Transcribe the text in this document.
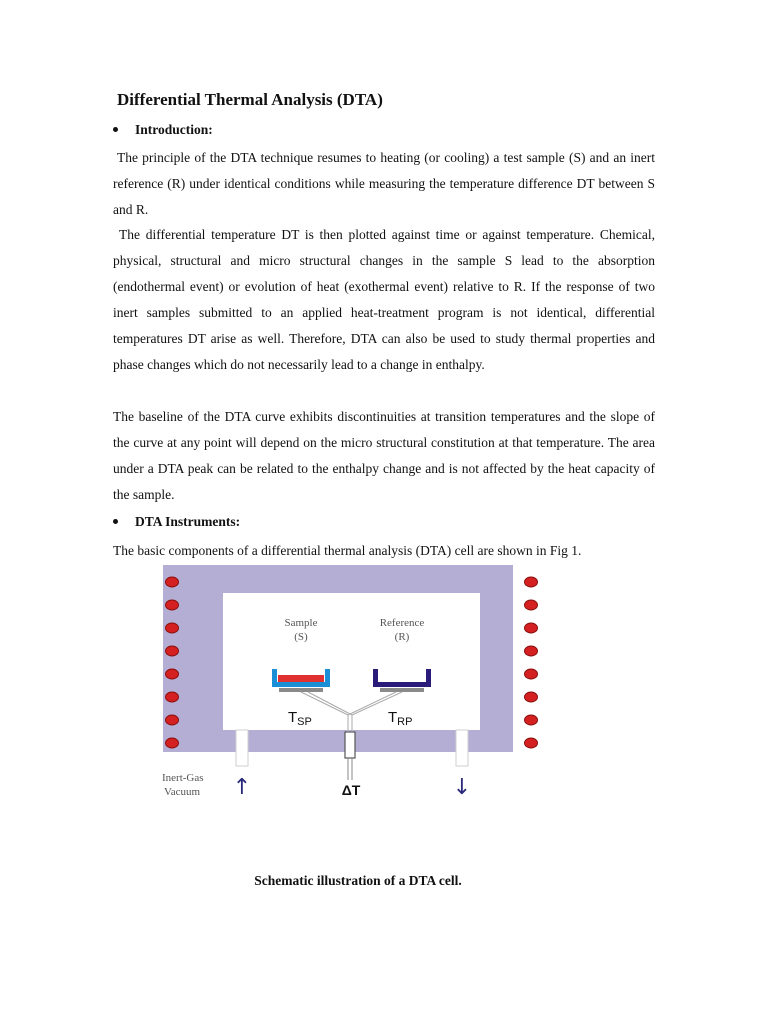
Differential Thermal Analysis (DTA)
Introduction:

The principle of the DTA technique resumes to heating (or cooling) a test sample (S) and an inert reference (R) under identical conditions while measuring the temperature difference DT between S and R.

The differential temperature DT is then plotted against time or against temperature. Chemical, physical, structural and micro structural changes in the sample S lead to the absorption (endothermal event) or evolution of heat (exothermal event) relative to R. If the response of two inert samples submitted to an applied heat-treatment program is not identical, differential temperatures DT arise as well. Therefore, DTA can also be used to study thermal properties and phase changes which do not necessarily lead to a change in enthalpy.

The baseline of the DTA curve exhibits discontinuities at transition temperatures and the slope of the curve at any point will depend on the micro structural constitution at that temperature. The area under a DTA peak can be related to the enthalpy change and is not affected by the heat capacity of the sample.

DTA Instruments:
The basic components of a differential thermal analysis (DTA) cell are shown in Fig 1.
Sample
(S)
Reference
(R)
$T_{SP}$	$T_{RP}$
Inert-Gas
Vacuum ↑	ΔT	↓
Schematic illustration of a DTA cell.
